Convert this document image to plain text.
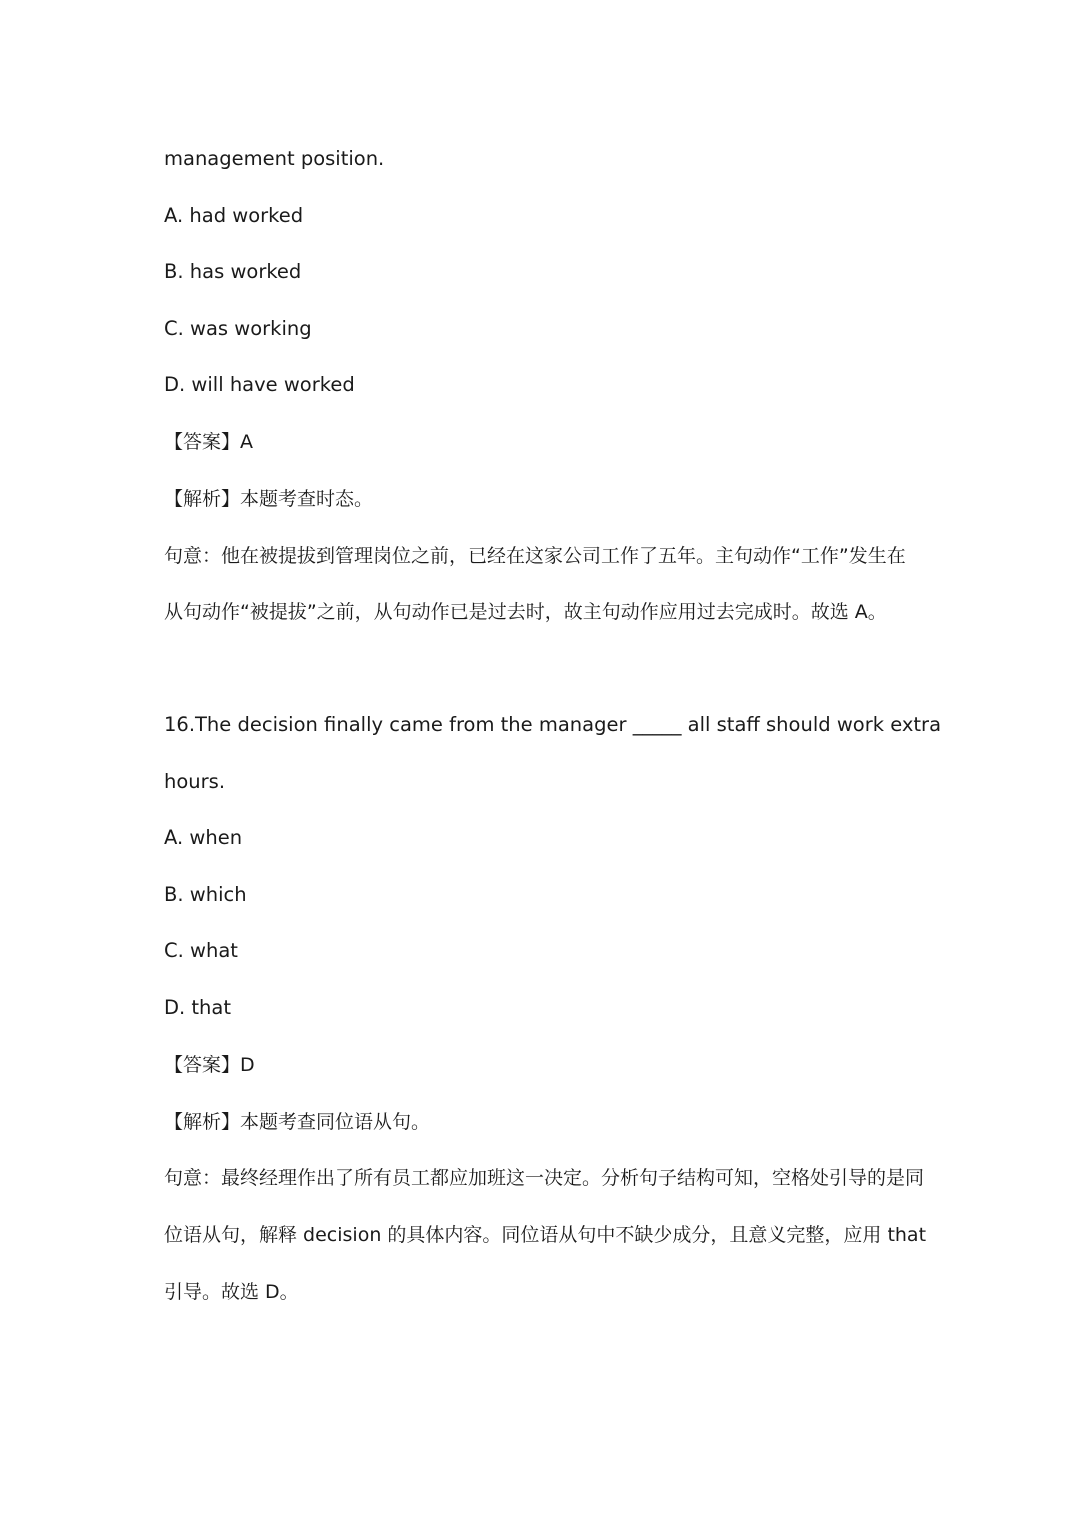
management position.
A. had worked
B. has worked
C. was working
D. will have worked
【答案】A
【解析】本题考查时态。
句意：他在被提拔到管理岗位之前，已经在这家公司工作了五年。主句动作“工作”发生在
从句动作“被提拔”之前，从句动作已是过去时，故主句动作应用过去完成时。故选 A。
16.The decision finally came from the manager _____ all staff should work extra
hours.
A. when
B. which
C. what
D. that
【答案】D
【解析】本题考查同位语从句。
句意：最终经理作出了所有员工都应加班这一决定。分析句子结构可知，空格处引导的是同
位语从句，解释 decision 的具体内容。同位语从句中不缺少成分，且意义完整，应用 that
引导。故选 D。
